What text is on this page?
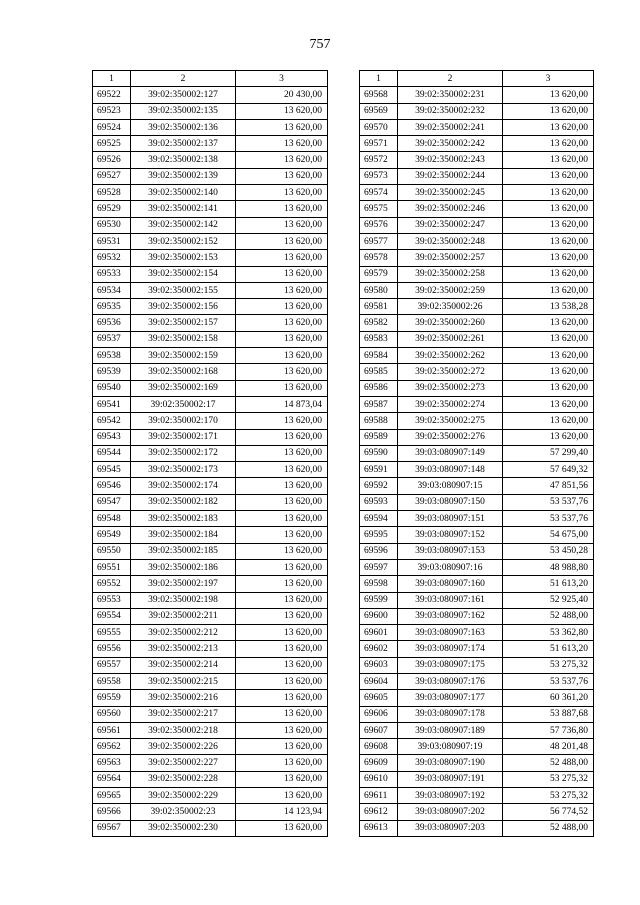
757
1	2	3
69522	39:02:350002:127	20 430,00
69523	39:02:350002:135	13 620,00
69524	39:02:350002:136	13 620,00
69525	39:02:350002:137	13 620,00
69526	39:02:350002:138	13 620,00
69527	39:02:350002:139	13 620,00
69528	39:02:350002:140	13 620,00
69529	39:02:350002:141	13 620,00
69530	39:02:350002:142	13 620,00
69531	39:02:350002:152	13 620,00
69532	39:02:350002:153	13 620,00
69533	39:02:350002:154	13 620,00
69534	39:02:350002:155	13 620,00
69535	39:02:350002:156	13 620,00
69536	39:02:350002:157	13 620,00
69537	39:02:350002:158	13 620,00
69538	39:02:350002:159	13 620,00
69539	39:02:350002:168	13 620,00
69540	39:02:350002:169	13 620,00
69541	39:02:350002:17	14 873,04
69542	39:02:350002:170	13 620,00
69543	39:02:350002:171	13 620,00
69544	39:02:350002:172	13 620,00
69545	39:02:350002:173	13 620,00
69546	39:02:350002:174	13 620,00
69547	39:02:350002:182	13 620,00
69548	39:02:350002:183	13 620,00
69549	39:02:350002:184	13 620,00
69550	39:02:350002:185	13 620,00
69551	39:02:350002:186	13 620,00
69552	39:02:350002:197	13 620,00
69553	39:02:350002:198	13 620,00
69554	39:02:350002:211	13 620,00
69555	39:02:350002:212	13 620,00
69556	39:02:350002:213	13 620,00
69557	39:02:350002:214	13 620,00
69558	39:02:350002:215	13 620,00
69559	39:02:350002:216	13 620,00
69560	39:02:350002:217	13 620,00
69561	39:02:350002:218	13 620,00
69562	39:02:350002:226	13 620,00
69563	39:02:350002:227	13 620,00
69564	39:02:350002:228	13 620,00
69565	39:02:350002:229	13 620,00
69566	39:02:350002:23	14 123,94
69567	39:02:350002:230	13 620,00
1	2	3
69568	39:02:350002:231	13 620,00
69569	39:02:350002:232	13 620,00
69570	39:02:350002:241	13 620,00
69571	39:02:350002:242	13 620,00
69572	39:02:350002:243	13 620,00
69573	39:02:350002:244	13 620,00
69574	39:02:350002:245	13 620,00
69575	39:02:350002:246	13 620,00
69576	39:02:350002:247	13 620,00
69577	39:02:350002:248	13 620,00
69578	39:02:350002:257	13 620,00
69579	39:02:350002:258	13 620,00
69580	39:02:350002:259	13 620,00
69581	39:02:350002:26	13 538,28
69582	39:02:350002:260	13 620,00
69583	39:02:350002:261	13 620,00
69584	39:02:350002:262	13 620,00
69585	39:02:350002:272	13 620,00
69586	39:02:350002:273	13 620,00
69587	39:02:350002:274	13 620,00
69588	39:02:350002:275	13 620,00
69589	39:02:350002:276	13 620,00
69590	39:03:080907:149	57 299,40
69591	39:03:080907:148	57 649,32
69592	39:03:080907:15	47 851,56
69593	39:03:080907:150	53 537,76
69594	39:03:080907:151	53 537,76
69595	39:03:080907:152	54 675,00
69596	39:03:080907:153	53 450,28
69597	39:03:080907:16	48 988,80
69598	39:03:080907:160	51 613,20
69599	39:03:080907:161	52 925,40
69600	39:03:080907:162	52 488,00
69601	39:03:080907:163	53 362,80
69602	39:03:080907:174	51 613,20
69603	39:03:080907:175	53 275,32
69604	39:03:080907:176	53 537,76
69605	39:03:080907:177	60 361,20
69606	39:03:080907:178	53 887,68
69607	39:03:080907:189	57 736,80
69608	39:03:080907:19	48 201,48
69609	39:03:080907:190	52 488,00
69610	39:03:080907:191	53 275,32
69611	39:03:080907:192	53 275,32
69612	39:03:080907:202	56 774,52
69613	39:03:080907:203	52 488,00
